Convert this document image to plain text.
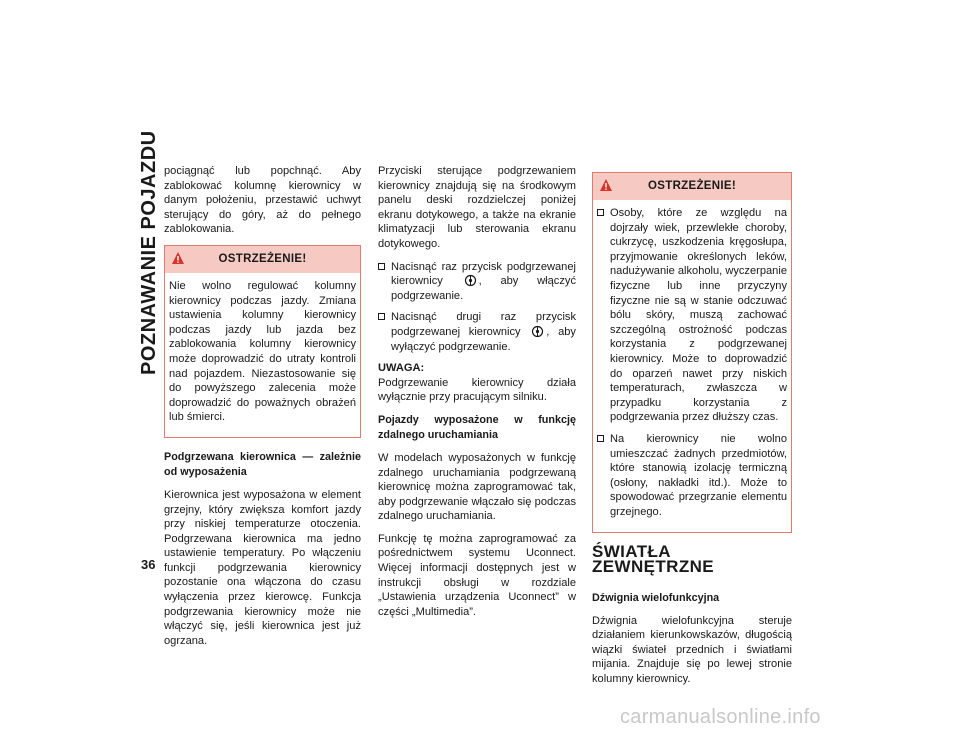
POZNAWANIE POJAZDU
36

pociągnąć lub popchnąć. Aby zablokować kolumnę kierownicy w danym położeniu, przestawić uchwyt sterujący do góry, aż do pełnego zablokowania.

OSTRZEŻENIE!

Nie wolno regulować kolumny kierownicy podczas jazdy. Zmiana ustawienia kolumny kierownicy podczas jazdy lub jazda bez zablokowania kolumny kierownicy może doprowadzić do utraty kontroli nad pojazdem. Niezastosowanie się do powyższego zalecenia może doprowadzić do poważnych obrażeń lub śmierci.

Podgrzewana kierownica — zależnie od wyposażenia

Kierownica jest wyposażona w element grzejny, który zwiększa komfort jazdy przy niskiej temperaturze otoczenia. Podgrzewana kierownica ma jedno ustawienie temperatury. Po włączeniu funkcji podgrzewania kierownicy pozostanie ona włączona do czasu wyłączenia przez kierowcę. Funkcja podgrzewania kierownicy może nie włączyć się, jeśli kierownica jest już ogrzana.

Przyciski sterujące podgrzewaniem kierownicy znajdują się na środkowym panelu deski rozdzielczej poniżej ekranu dotykowego, a także na ekranie klimatyzacji lub sterowania ekranu dotykowego.

Nacisnąć raz przycisk podgrzewanej kierownicy	, aby włączyć podgrzewanie.
Nacisnąć drugi raz przycisk podgrzewanej kierownicy , aby wyłączyć podgrzewanie.
UWAGA:

Podgrzewanie kierownicy działa wyłącznie przy pracującym silniku.

Pojazdy wyposażone w funkcję zdalnego uruchamiania

W modelach wyposażonych w funkcję zdalnego uruchamiania podgrzewaną kierownicę można zaprogramować tak, aby podgrzewanie włączało się podczas zdalnego uruchamiania.

Funkcję tę można zaprogramować za pośrednictwem systemu Uconnect. Więcej informacji dostępnych jest w instrukcji obsługi w rozdziale „Ustawienia urządzenia Uconnect” w części „Multimedia”.

OSTRZEŻENIE!
Osoby, które ze względu na dojrzały wiek, przewlekłe choroby, cukrzycę, uszkodzenia kręgosłupa, przyjmowanie określonych leków, nadużywanie alkoholu, wyczerpanie fizyczne lub inne przyczyny fizyczne nie są w stanie odczuwać bólu skóry, muszą zachować szczególną ostrożność podczas korzystania z podgrzewanej kierownicy. Może to doprowadzić do oparzeń nawet przy niskich temperaturach, zwłaszcza w przypadku korzystania z podgrzewania przez dłuższy czas.
Na kierownicy nie wolno umieszczać żadnych przedmiotów, które stanowią izolację termiczną (osłony, nakładki itd.). Może to spowodować przegrzanie elementu grzejnego.
ŚWIATŁA ZEWNĘTRZNE
Dźwignia wielofunkcyjna

Dźwignia wielofunkcyjna steruje działaniem kierunkowskazów, długością wiązki świateł przednich i światłami mijania. Znajduje się po lewej stronie kolumny kierownicy.

carmanualsonline.info
